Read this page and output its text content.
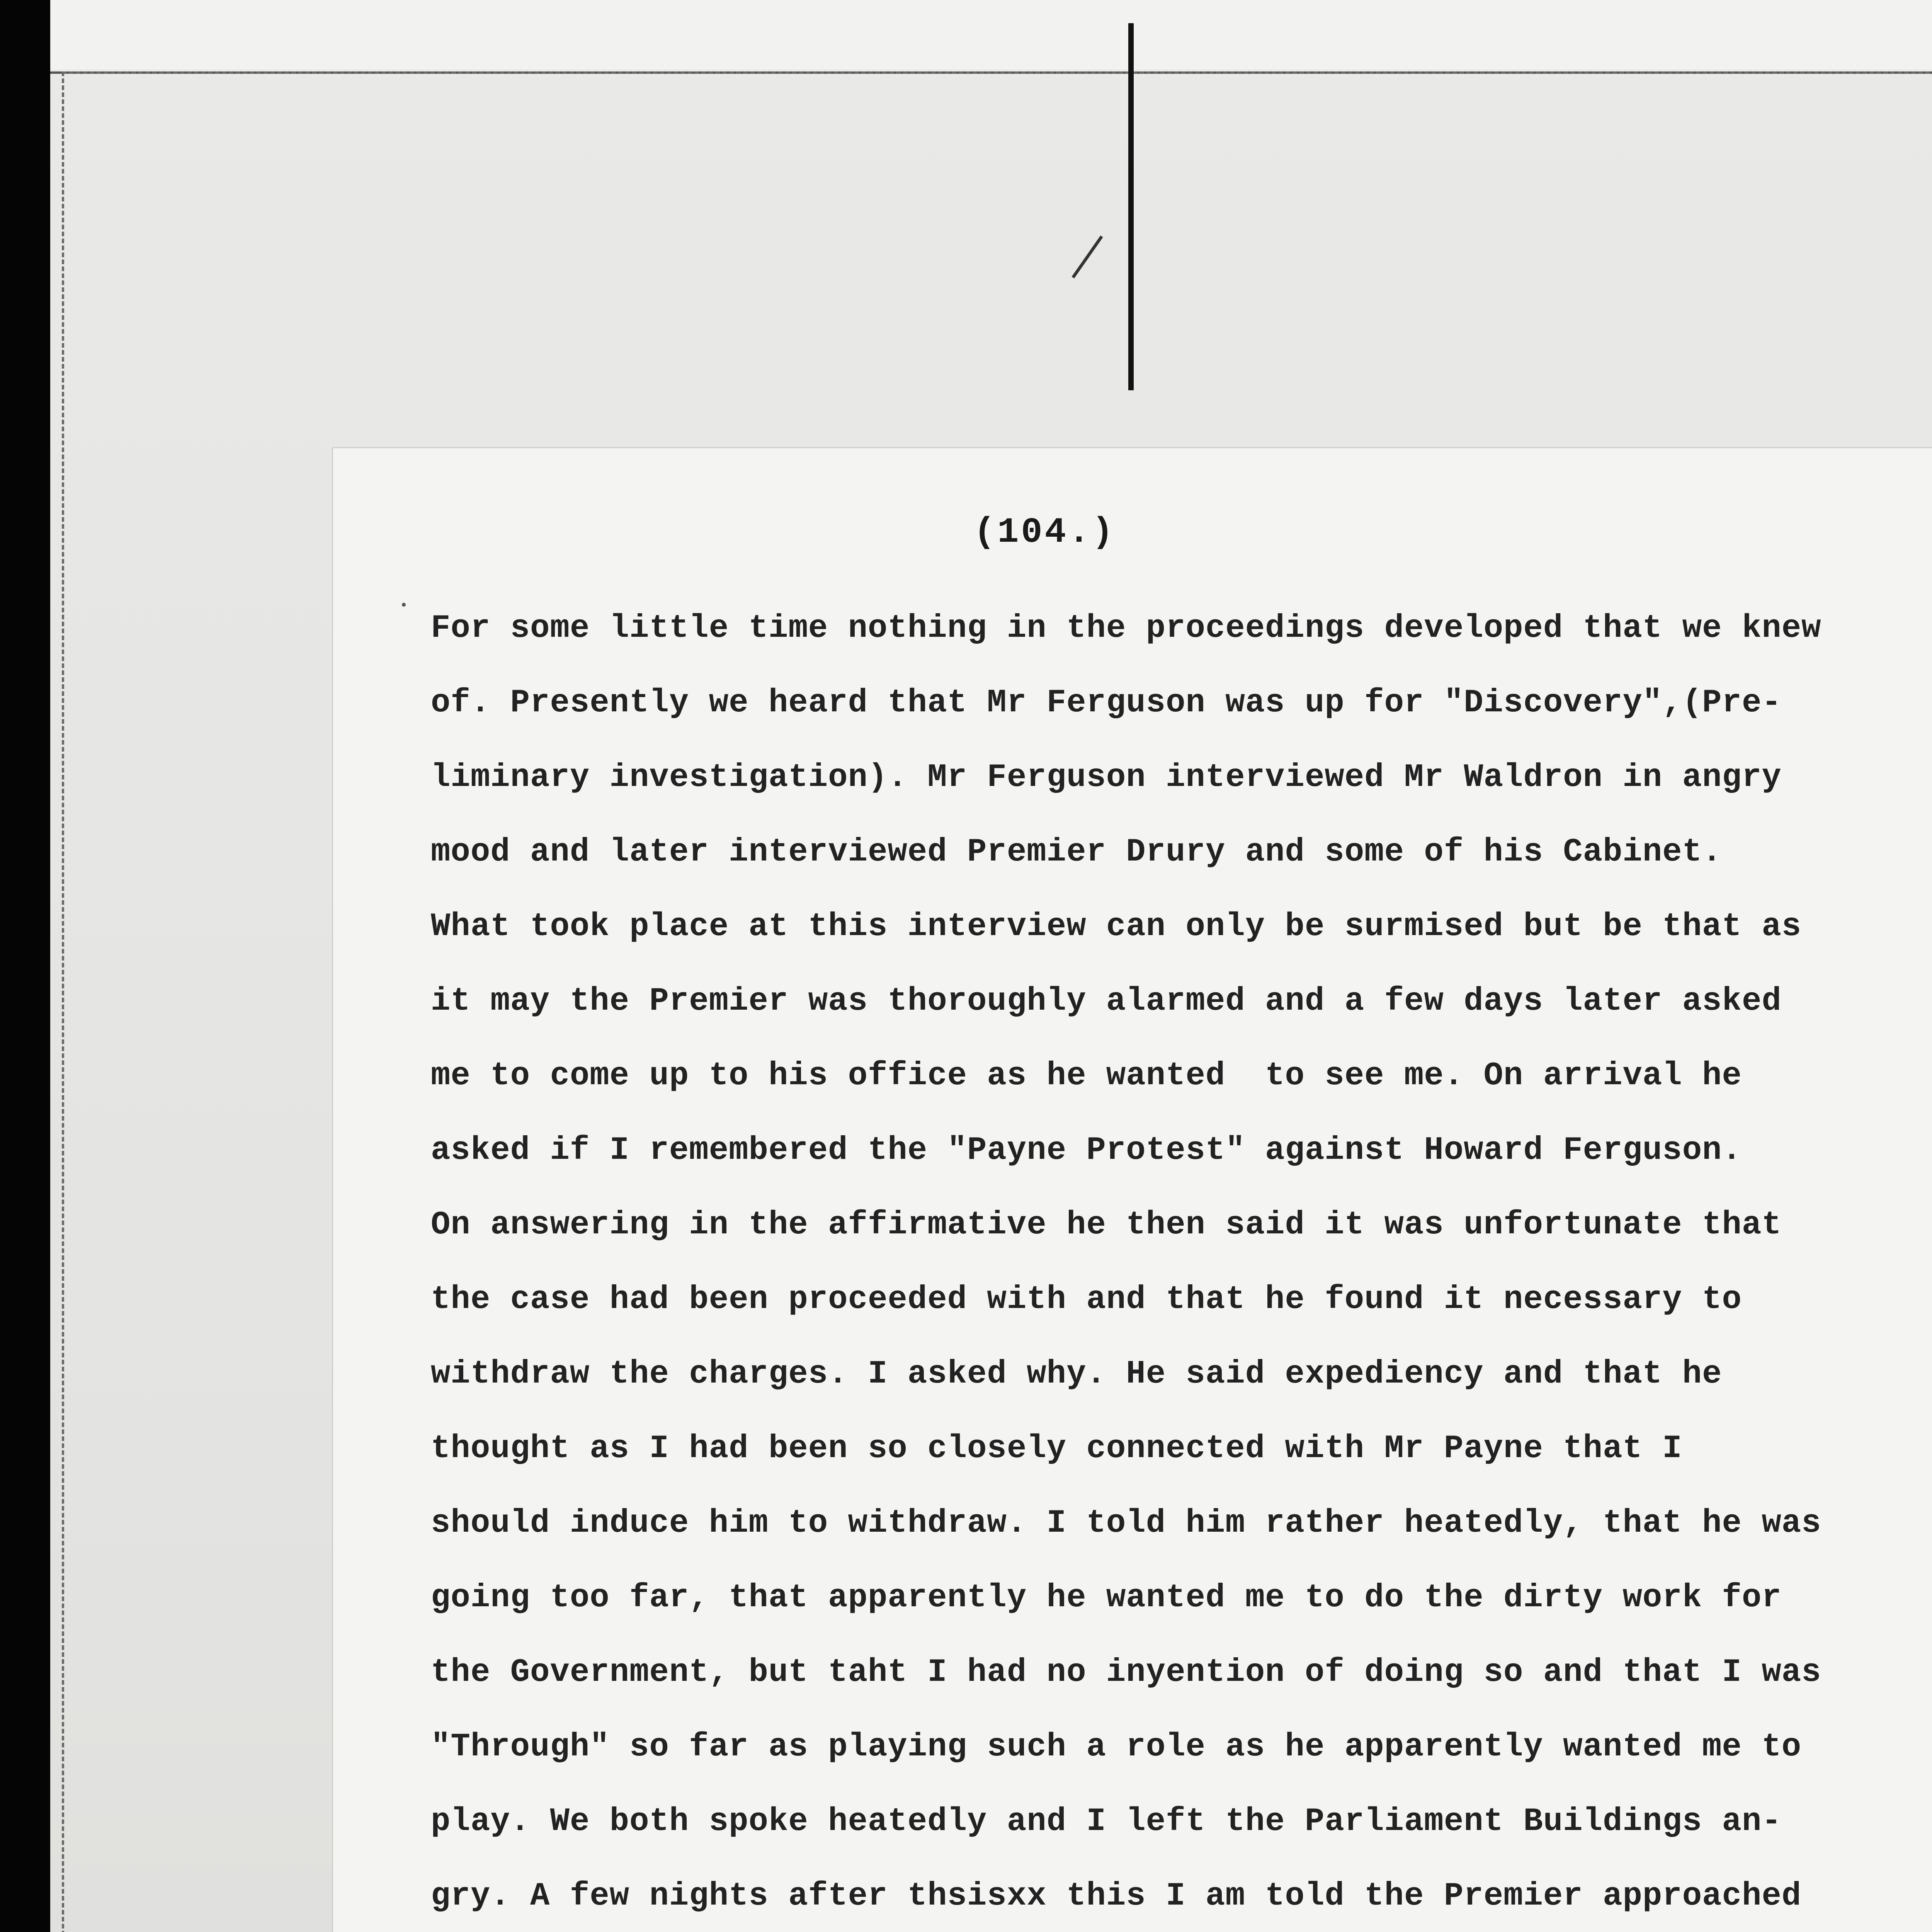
(104.)
For some little time nothing in the proceedings developed that we knew
of. Presently we heard that Mr Ferguson was up for "Discovery",(Pre-
liminary investigation). Mr Ferguson interviewed Mr Waldron in angry
mood and later interviewed Premier Drury and some of his Cabinet.
What took place at this interview can only be surmised but be that as
it may the Premier was thoroughly alarmed and a few days later asked
me to come up to his office as he wanted  to see me. On arrival he
asked if I remembered the "Payne Protest" against Howard Ferguson.
On answering in the affirmative he then said it was unfortunate that
the case had been proceeded with and that he found it necessary to
withdraw the charges. I asked why. He said expediency and that he
thought as I had been so closely connected with Mr Payne that I
should induce him to withdraw. I told him rather heatedly, that he was
going too far, that apparently he wanted me to do the dirty work for
the Government, but taht I had no inyention of doing so and that I was
"Through" so far as playing such a role as he apparently wanted me to
play. We both spoke heatedly and I left the Parliament Buildings an-
gry. A few nights after thsisxx this I am told the Premier approached
